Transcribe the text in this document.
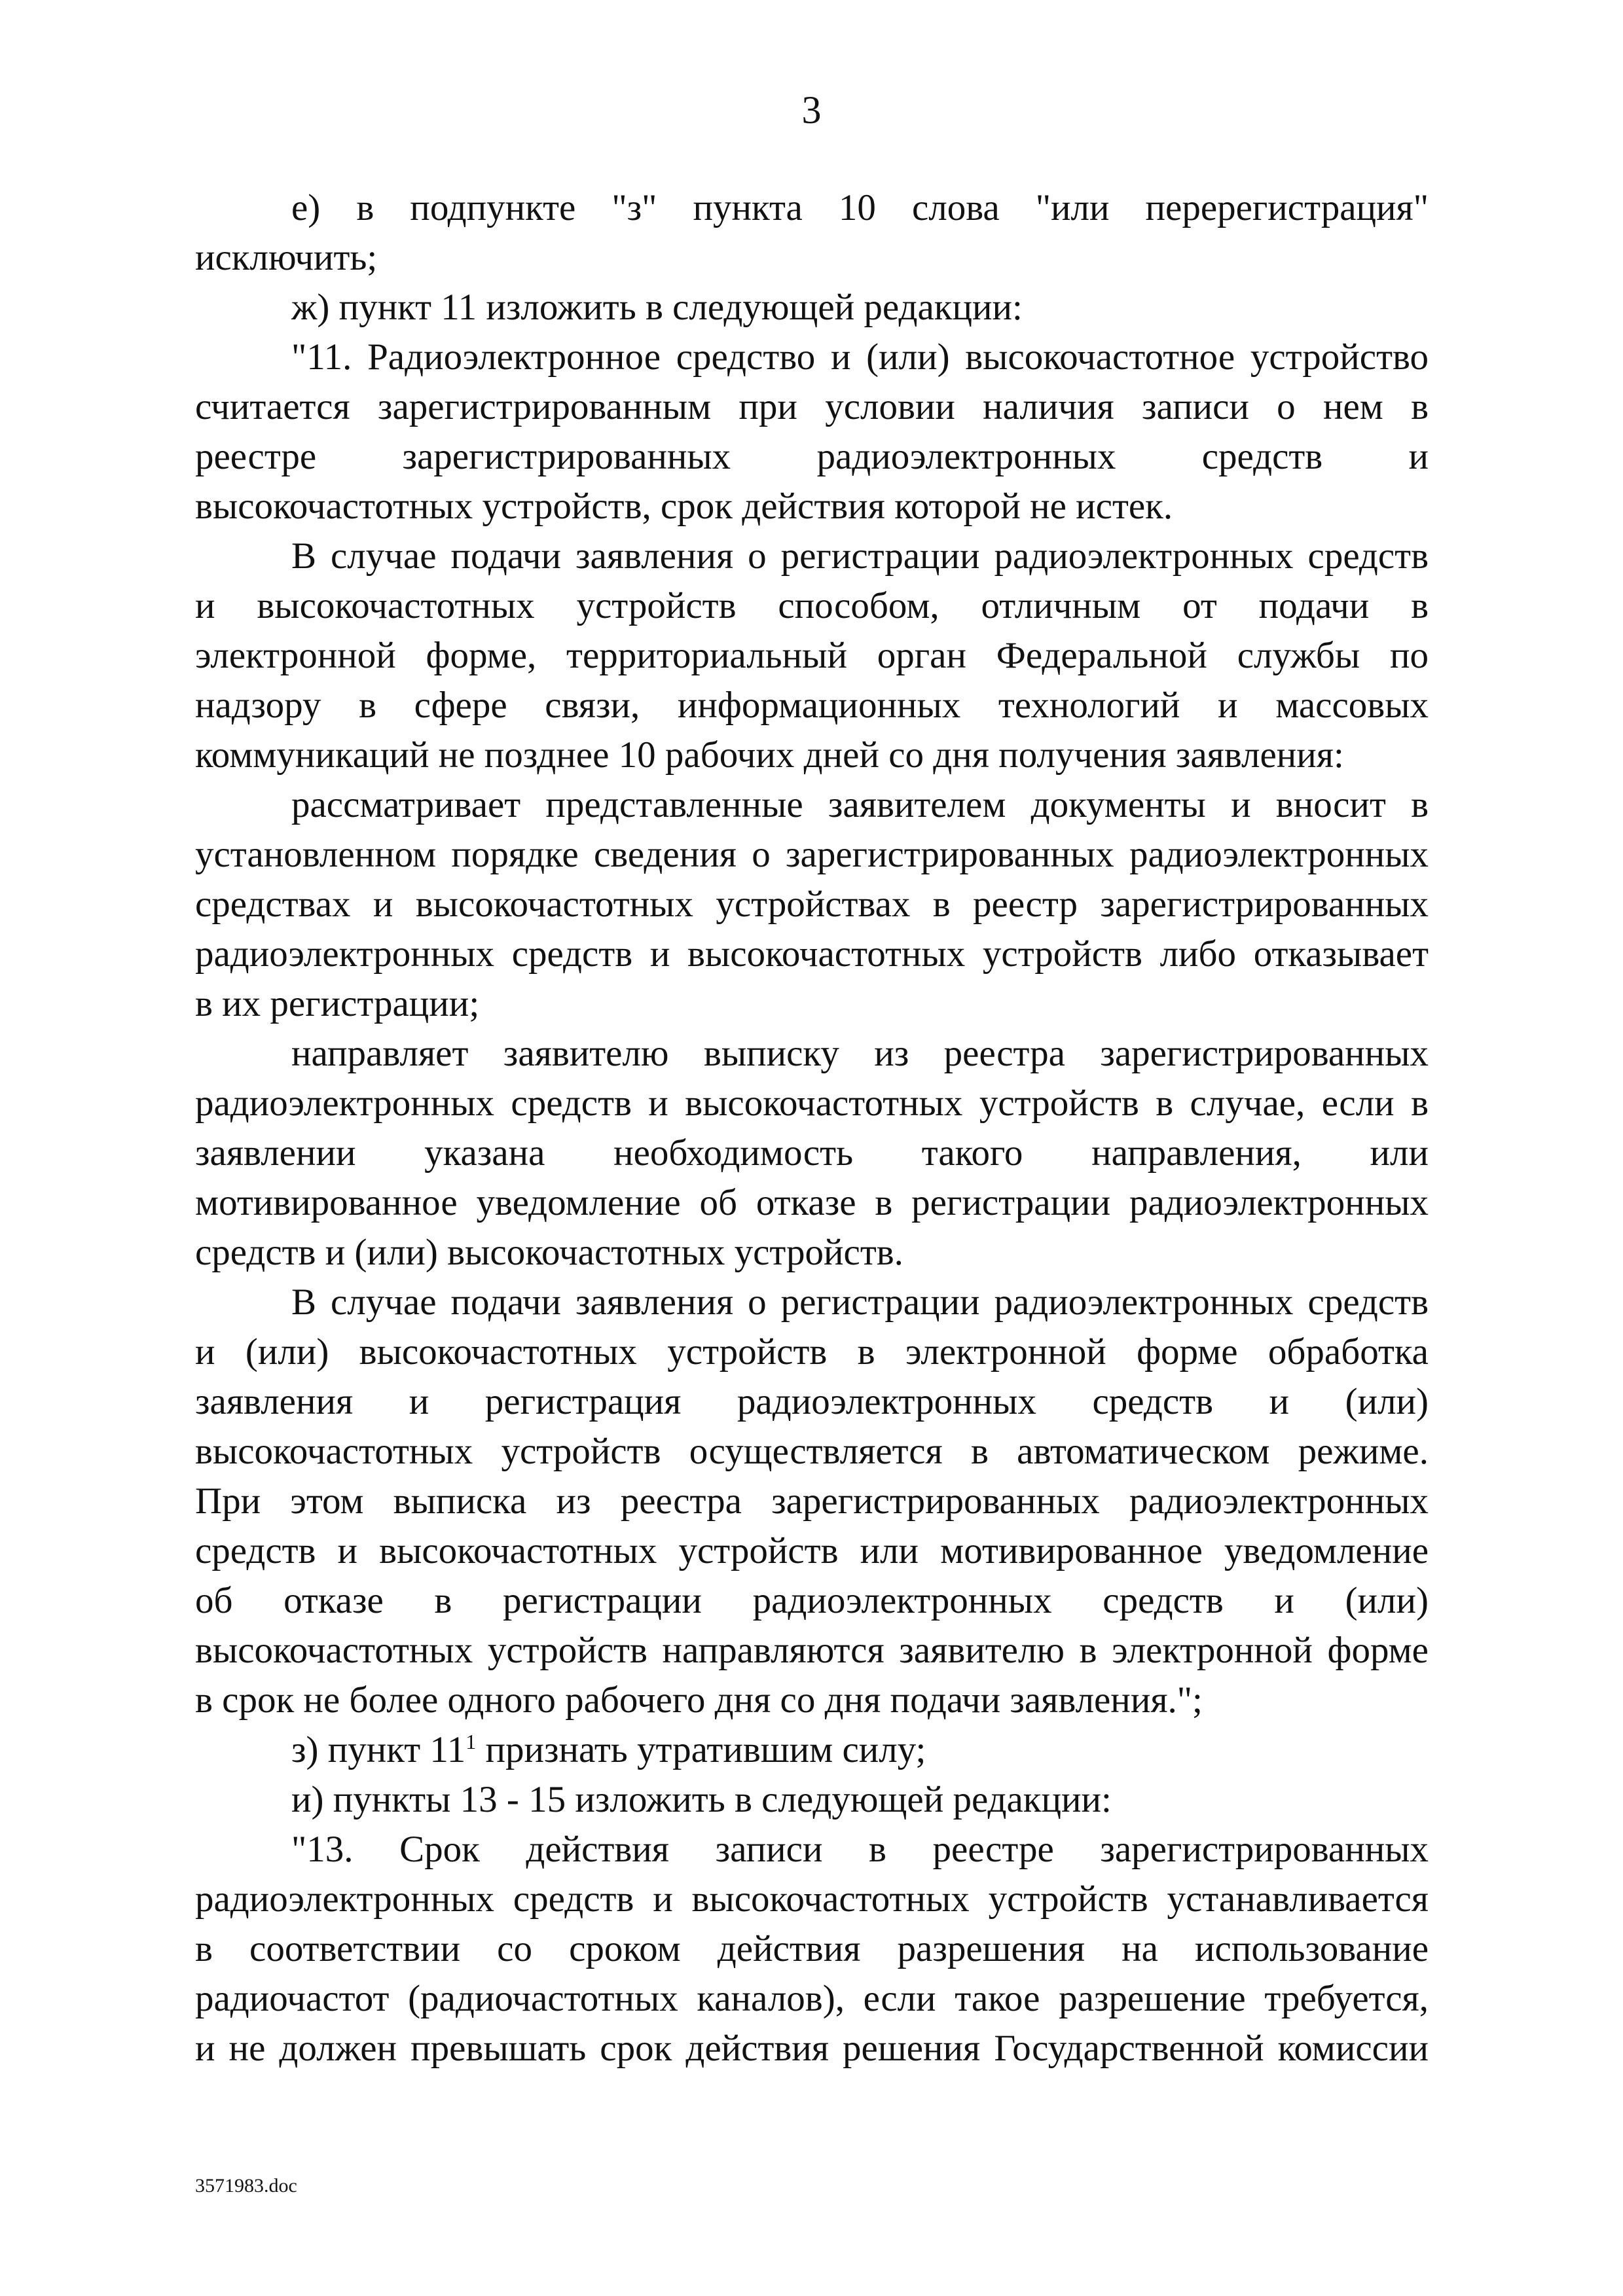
3
е) в подпункте "з" пункта 10 слова "или перерегистрация"
исключить;
ж) пункт 11 изложить в следующей редакции:
"11. Радиоэлектронное средство и (или) высокочастотное устройство
считается зарегистрированным при условии наличия записи о нем в
реестре зарегистрированных радиоэлектронных средств и
высокочастотных устройств, срок действия которой не истек.
В случае подачи заявления о регистрации радиоэлектронных средств
и высокочастотных устройств способом, отличным от подачи в
электронной форме, территориальный орган Федеральной службы по
надзору в сфере связи, информационных технологий и массовых
коммуникаций не позднее 10 рабочих дней со дня получения заявления:
рассматривает представленные заявителем документы и вносит в
установленном порядке сведения о зарегистрированных радиоэлектронных
средствах и высокочастотных устройствах в реестр зарегистрированных
радиоэлектронных средств и высокочастотных устройств либо отказывает
в их регистрации;
направляет заявителю выписку из реестра зарегистрированных
радиоэлектронных средств и высокочастотных устройств в случае, если в
заявлении указана необходимость такого направления, или
мотивированное уведомление об отказе в регистрации радиоэлектронных
средств и (или) высокочастотных устройств.
В случае подачи заявления о регистрации радиоэлектронных средств
и (или) высокочастотных устройств в электронной форме обработка
заявления и регистрация радиоэлектронных средств и (или)
высокочастотных устройств осуществляется в автоматическом режиме.
При этом выписка из реестра зарегистрированных радиоэлектронных
средств и высокочастотных устройств или мотивированное уведомление
об отказе в регистрации радиоэлектронных средств и (или)
высокочастотных устройств направляются заявителю в электронной форме
в срок не более одного рабочего дня со дня подачи заявления.";
з) пункт $11^1$ признать утратившим силу;
и) пункты 13 - 15 изложить в следующей редакции:
"13. Срок действия записи в реестре зарегистрированных
радиоэлектронных средств и высокочастотных устройств устанавливается
в соответствии со сроком действия разрешения на использование
радиочастот (радиочастотных каналов), если такое разрешение требуется,
и не должен превышать срок действия решения Государственной комиссии
3571983.doc
